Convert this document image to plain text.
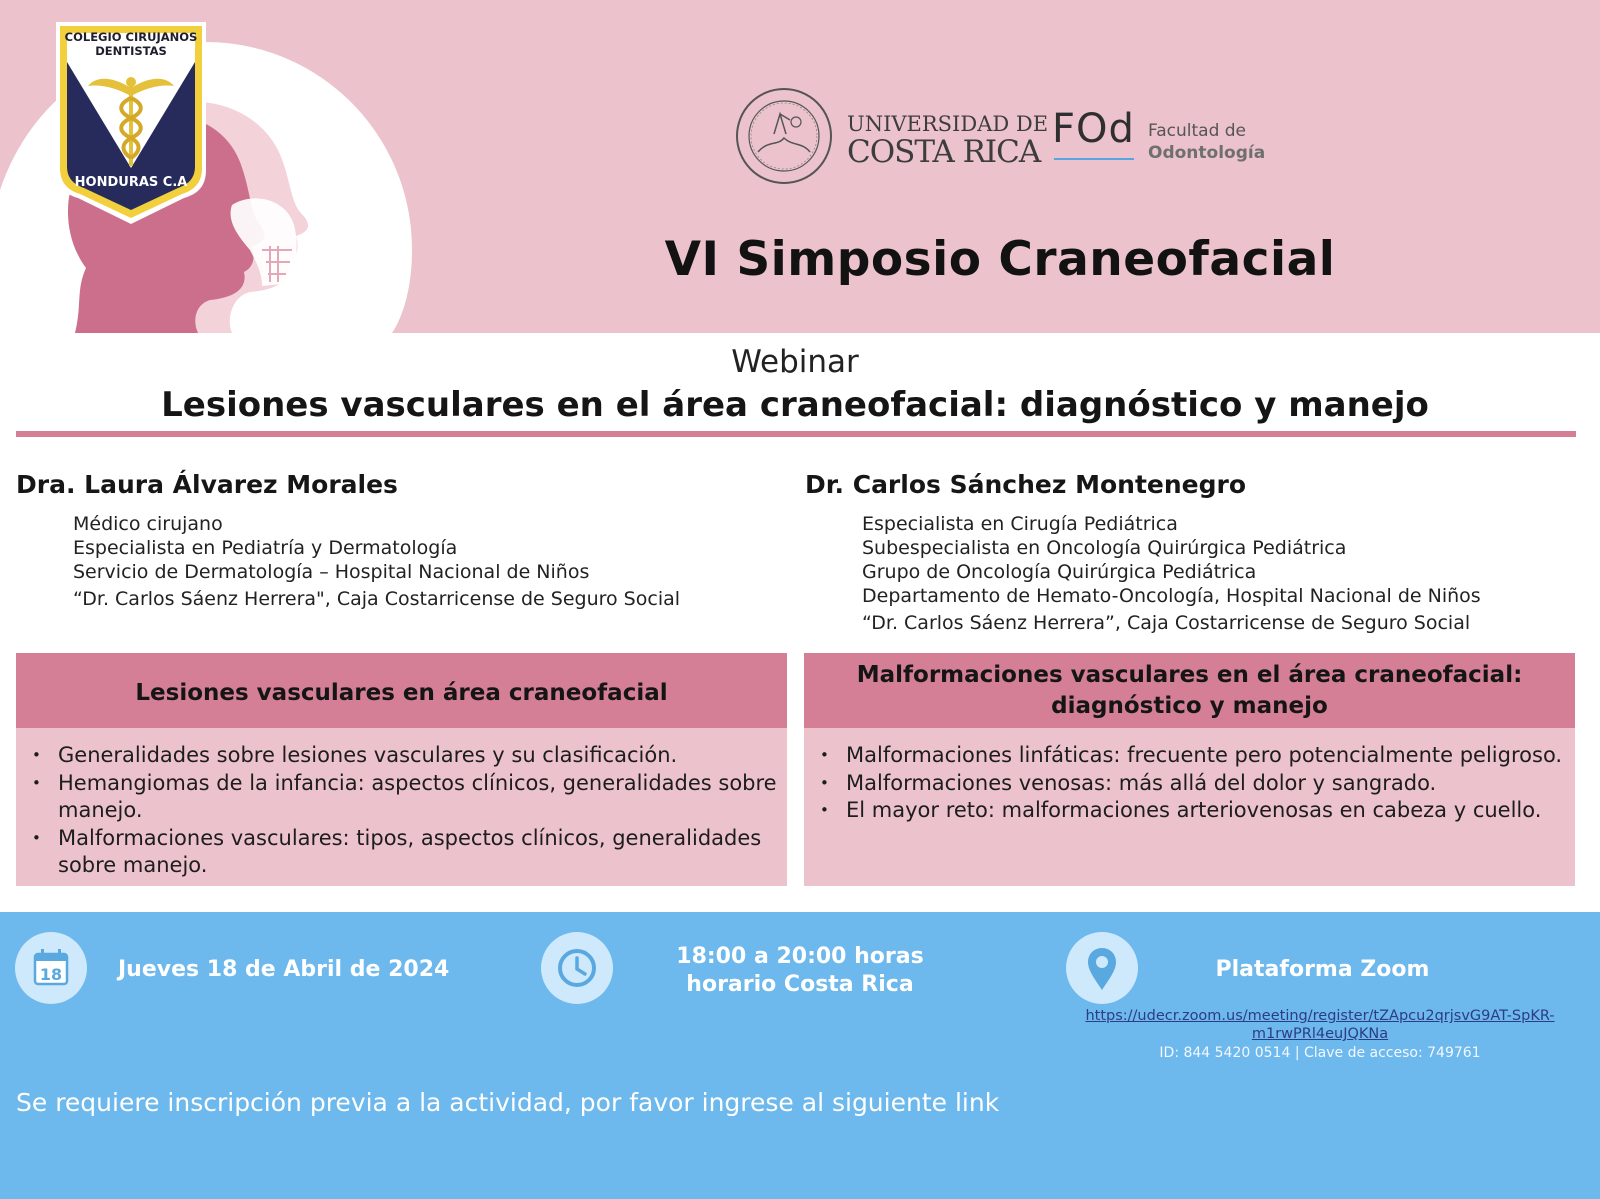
COLEGIO CIRUJANOS DENTISTAS
HONDURAS C.A
UNIVERSIDAD DE
COSTA RICA FOd Facultad de
Odontología
VI Simposio Craneofacial
Webinar
Lesiones vasculares en el área craneofacial: diagnóstico y manejo
Dra. Laura Álvarez Morales
Médico cirujano
Especialista en Pediatría y Dermatología
Servicio de Dermatología – Hospital Nacional de Niños
“Dr. Carlos Sáenz Herrera", Caja Costarricense de Seguro Social
Dr. Carlos Sánchez Montenegro
Especialista en Cirugía Pediátrica
Subespecialista en Oncología Quirúrgica Pediátrica
Grupo de Oncología Quirúrgica Pediátrica
Departamento de Hemato-Oncología, Hospital Nacional de Niños
“Dr. Carlos Sáenz Herrera”, Caja Costarricense de Seguro Social
Lesiones vasculares en área craneofacial
• Generalidades sobre lesiones vasculares y su clasificación.
• Hemangiomas de la infancia: aspectos clínicos, generalidades sobre manejo.
• Malformaciones vasculares: tipos, aspectos clínicos, generalidades sobre manejo.
Malformaciones vasculares en el área craneofacial:
diagnóstico y manejo
• Malformaciones linfáticas: frecuente pero potencialmente peligroso.
• Malformaciones venosas: más allá del dolor y sangrado.
• El mayor reto: malformaciones arteriovenosas en cabeza y cuello.
18	Jueves 18 de Abril de 2024
18:00 a 20:00 horas
horario Costa Rica
Plataforma Zoom
https://udecr.zoom.us/meeting/register/tZApcu2qrjsvG9AT-SpKR-
m1rwPRl4euJQKNa
ID: 844 5420 0514 | Clave de acceso: 749761
Se requiere inscripción previa a la actividad, por favor ingrese al siguiente link
